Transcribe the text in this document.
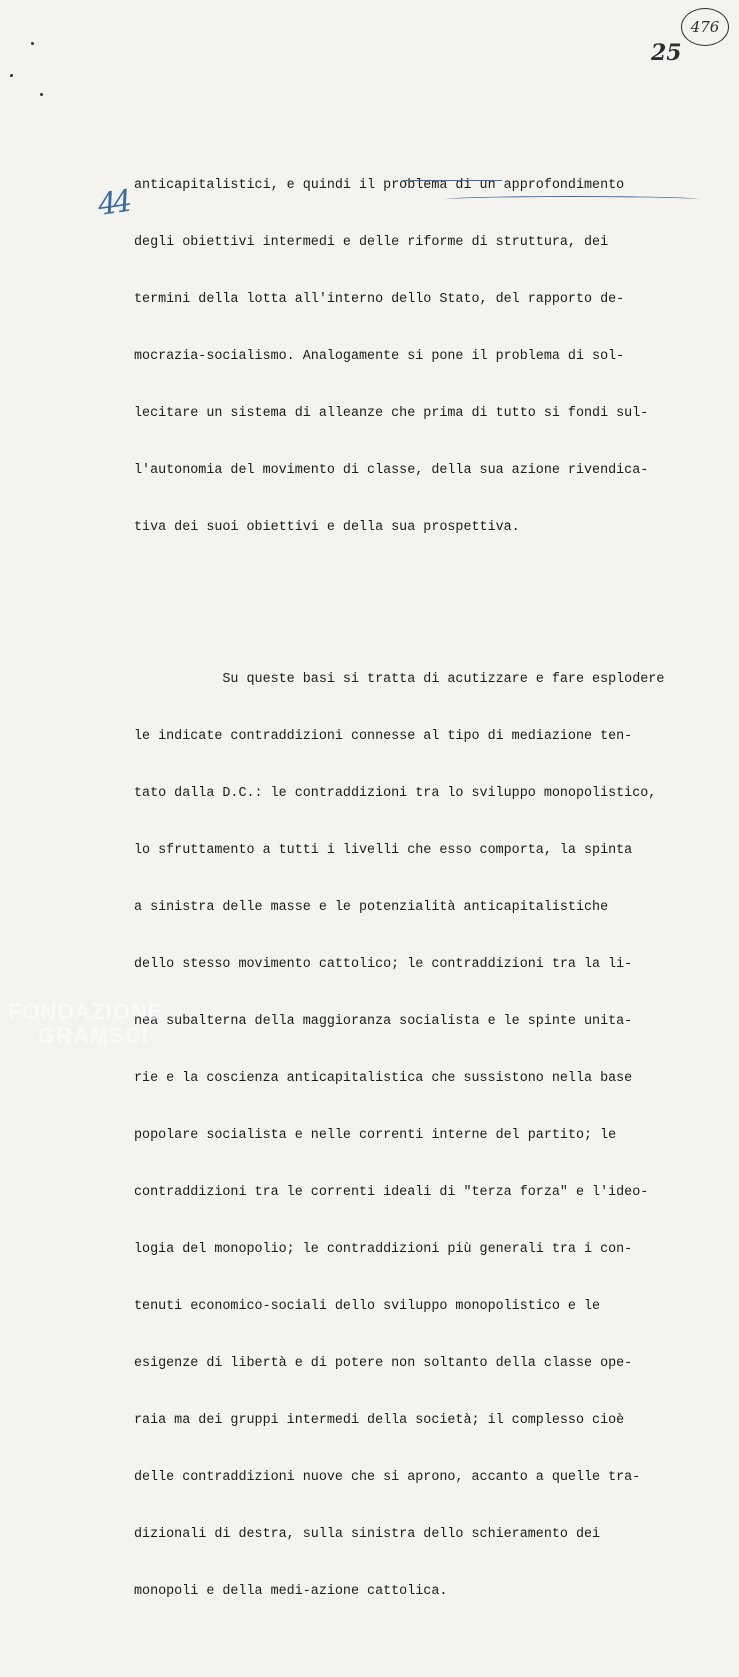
476
25
44

anticapitalistici, e quindi il problema di un approfondimento

degli obiettivi intermedi e delle riforme di struttura, dei

termini della lotta all'interno dello Stato, del rapporto de-

mocrazia-socialismo. Analogamente si pone il problema di sol-

lecitare un sistema di alleanze che prima di tutto si fondi sul-

l'autonomia del movimento di classe, della sua azione rivendica-

tiva dei suoi obiettivi e della sua prospettiva.

Su queste basi si tratta di acutizzare e fare esplodere

le indicate contraddizioni connesse al tipo di mediazione ten-

tato dalla D.C.: le contraddizioni tra lo sviluppo monopolistico,

lo sfruttamento a tutti i livelli che esso comporta, la spinta

a sinistra delle masse e le potenzialità anticapitalistiche

dello stesso movimento cattolico; le contraddizioni tra la li-

nea subalterna della maggioranza socialista e le spinte unita-

rie e la coscienza anticapitalistica che sussistono nella base

popolare socialista e nelle correnti interne del partito; le

contraddizioni tra le correnti ideali di "terza forza" e l'ideo-

logia del monopolio; le contraddizioni più generali tra i con-

tenuti economico-sociali dello sviluppo monopolistico e le

esigenze di libertà e di potere non soltanto della classe ope-

raia ma dei gruppi intermedi della società; il complesso cioè

delle contraddizioni nuove che si aprono, accanto a quelle tra-

dizionali di destra, sulla sinistra dello schieramento dei

monopoli e della medi-azione cattolica.

FONDAZIONE
GRAMSCI
